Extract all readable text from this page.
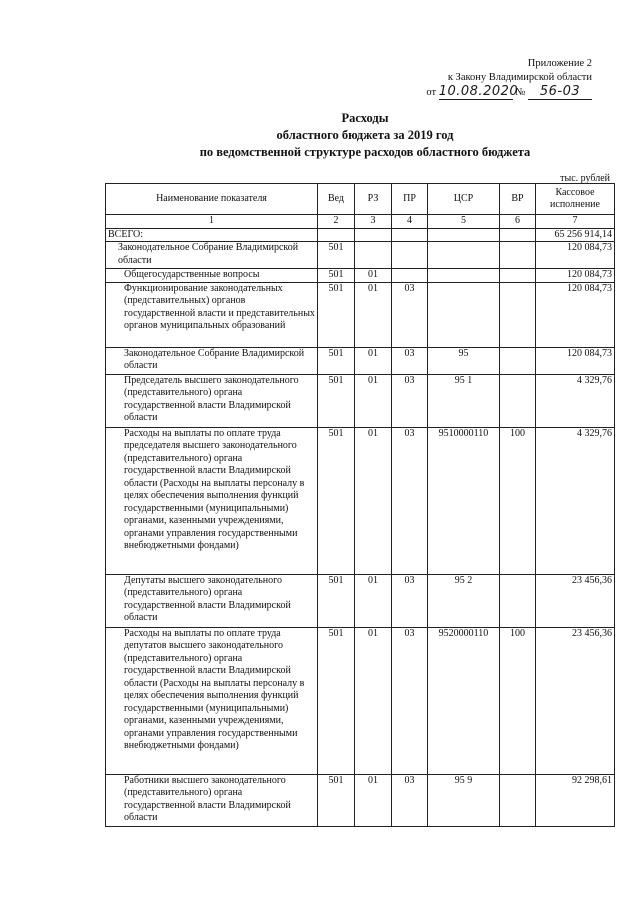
Приложение 2
к Закону Владимирской области
от 10.08.2020 № 56-03
Расходы
областного бюджета за 2019 год
по ведомственной структуре расходов областного бюджета
тыс. рублей
Наименование показателя	Вед	РЗ	ПР	ЦСР	ВР	Кассовое исполнение
1	2	3	4	5	6	7
ВСЕГО:						65 256 914,14
Законодательное Собрание Владимирской области	501					120 084,73
Общегосударственные вопросы	501	01				120 084,73
Функционирование законодательных (представительных) органов государственной власти и представительных органов муниципальных образований	501	01	03			120 084,73
Законодательное Собрание Владимирской области	501	01	03	95		120 084,73
Председатель высшего законодательного (представительного) органа государственной власти Владимирской области	501	01	03	95 1		4 329,76
Расходы на выплаты по оплате труда председателя высшего законодательного (представительного) органа государственной власти Владимирской области (Расходы на выплаты персоналу в целях обеспечения выполнения функций государственными (муниципальными) органами, казенными учреждениями, органами управления государственными внебюджетными фондами)	501	01	03	9510000110	100	4 329,76
Депутаты высшего законодательного (представительного) органа государственной власти Владимирской области	501	01	03	95 2		23 456,36
Расходы на выплаты по оплате труда депутатов высшего законодательного (представительного) органа государственной власти Владимирской области (Расходы на выплаты персоналу в целях обеспечения выполнения функций государственными (муниципальными) органами, казенными учреждениями, органами управления государственными внебюджетными фондами)	501	01	03	9520000110	100	23 456,36
Работники высшего законодательного (представительного) органа государственной власти Владимирской области	501	01	03	95 9		92 298,61
